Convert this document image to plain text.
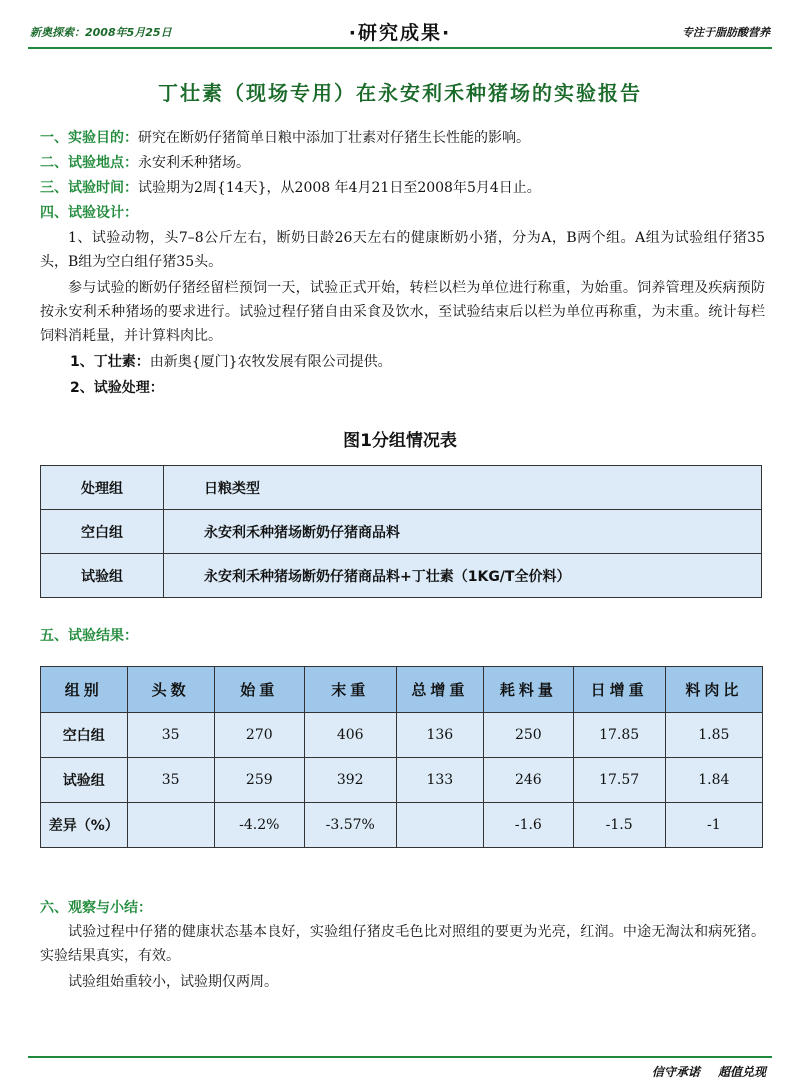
新奥探索：2008年5月25日	·研究成果·	专注于脂肪酸营养
丁壮素（现场专用）在永安利禾种猪场的实验报告
一、实验目的：研究在断奶仔猪简单日粮中添加丁壮素对仔猪生长性能的影响。
二、试验地点：永安利禾种猪场。
三、试验时间：试验期为2周{14天}，从2008 年4月21日至2008年5月4日止。
四、试验设计：
1、试验动物，头7–8公斤左右，断奶日龄26天左右的健康断奶小猪，分为A，B两个组。A组为试验组仔猪35头，B组为空白组仔猪35头。
参与试验的断奶仔猪经留栏预饲一天，试验正式开始，转栏以栏为单位进行称重，为始重。饲养管理及疾病预防按永安利禾种猪场的要求进行。试验过程仔猪自由采食及饮水，至试验结束后以栏为单位再称重，为末重。统计每栏饲料消耗量，并计算料肉比。
1、丁壮素：由新奥{厦门}农牧发展有限公司提供。
2、试验处理：
图1分组情况表
处理组	日粮类型
空白组	永安利禾种猪场断奶仔猪商品料
试验组	永安利禾种猪场断奶仔猪商品料+丁壮素（1KG/T全价料）
五、试验结果：
组别	头数	始重	末重	总增重	耗料量	日增重	料肉比
空白组	35	270	406	136	250	17.85	1.85
试验组	35	259	392	133	246	17.57	1.84
差异（%）		-4.2%	-3.57%		-1.6	-1.5	-1
六、观察与小结：
试验过程中仔猪的健康状态基本良好，实验组仔猪皮毛色比对照组的要更为光亮，红润。中途无淘汰和病死猪。实验结果真实，有效。
试验组始重较小，试验期仅两周。
信守承诺 超值兑现
